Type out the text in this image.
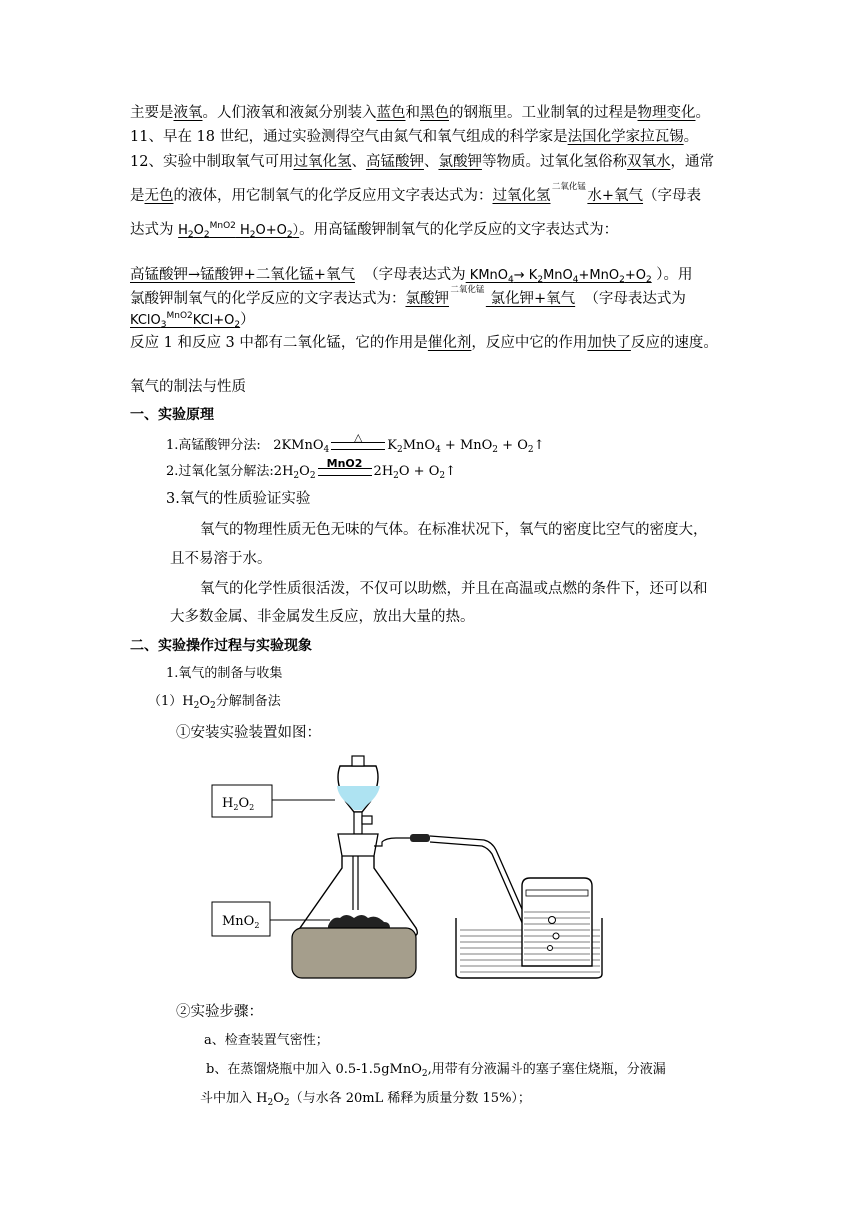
主要是液氧。人们液氧和液氮分别装入蓝色和黑色的钢瓶里。工业制氧的过程是物理变化。
11、早在 18 世纪，通过实验测得空气由氮气和氧气组成的科学家是法国化学家拉瓦锡。
12、实验中制取氧气可用过氧化氢、高锰酸钾、氯酸钾等物质。过氧化氢俗称双氧水，通常
是无色的液体，用它制氧气的化学反应用文字表达式为：过氧化氢
二氧化锰
水+氧气（字母表
达式为 $H_2O_2^{MnO2}$ $H_2O+O_2$）。用高锰酸钾制氧气的化学反应的文字表达式为：
高锰酸钾→锰酸钾+二氧化锰+氧气 （字母表达式为 KMnO$_4$→ $K_2MnO_4+MnO_2+O_2$ ）。用
氯酸钾制氧气的化学反应的文字表达式为：氯酸钾
二氧化锰
氯化钾+氧气 （字母表达式为
$KClO_3^{MnO2}KCl+O_2$）
反应 1 和反应 3 中都有二氧化锰，它的作用是催化剂，反应中它的作用加快了反应的速度。
氧气的制法与性质
一、实验原理
1.高锰酸钾分法: 2KMnO$_4$
△
$K_2MnO_4 + MnO_2$ + $O_2↑$
2.过氧化氢分解法$:2H_2O_2$
MnO2
$2H_2O$ + $O_2↑$
3.氧气的性质验证实验
氧气的物理性质无色无味的气体。在标准状况下，氧气的密度比空气的密度大，
且不易溶于水。
氧气的化学性质很活泼，不仅可以助燃，并且在高温或点燃的条件下，还可以和
大多数金属、非金属发生反应，放出大量的热。
二、实验操作过程与实验现象
1.氧气的制备与收集
$(1)H_2O_2$分解制备法
①安装实验装置如图：
$H_2O_2$
MnO$_2$
②实验步骤：
a、检查装置气密性；
b、在蒸馏烧瓶中加入 0.5-1.5gMnO$_2$,用带有分液漏斗的塞子塞住烧瓶，分液漏
斗中加入 $H_2O_2$（与水各 20mL 稀释为质量分数 15%）；
